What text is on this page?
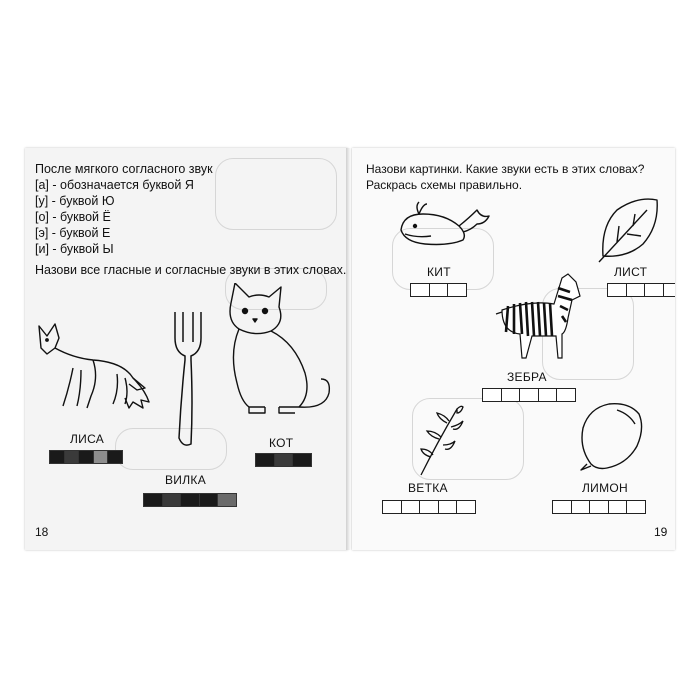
После мягкого согласного звук
[а] - обозначается буквой Я
[у] - буквой Ю
[о] - буквой Ё
[э] - буквой Е
[и] - буквой Ы
Назови все гласные и согласные звуки в этих словах.
ЛИСА	КОТ
ВИЛКА
18
Назови картинки. Какие звуки есть в этих словах?
Раскрась схемы правильно.
КИТ	ЛИСТ
ЗЕБРА
ВЕТКА	ЛИМОН
19
